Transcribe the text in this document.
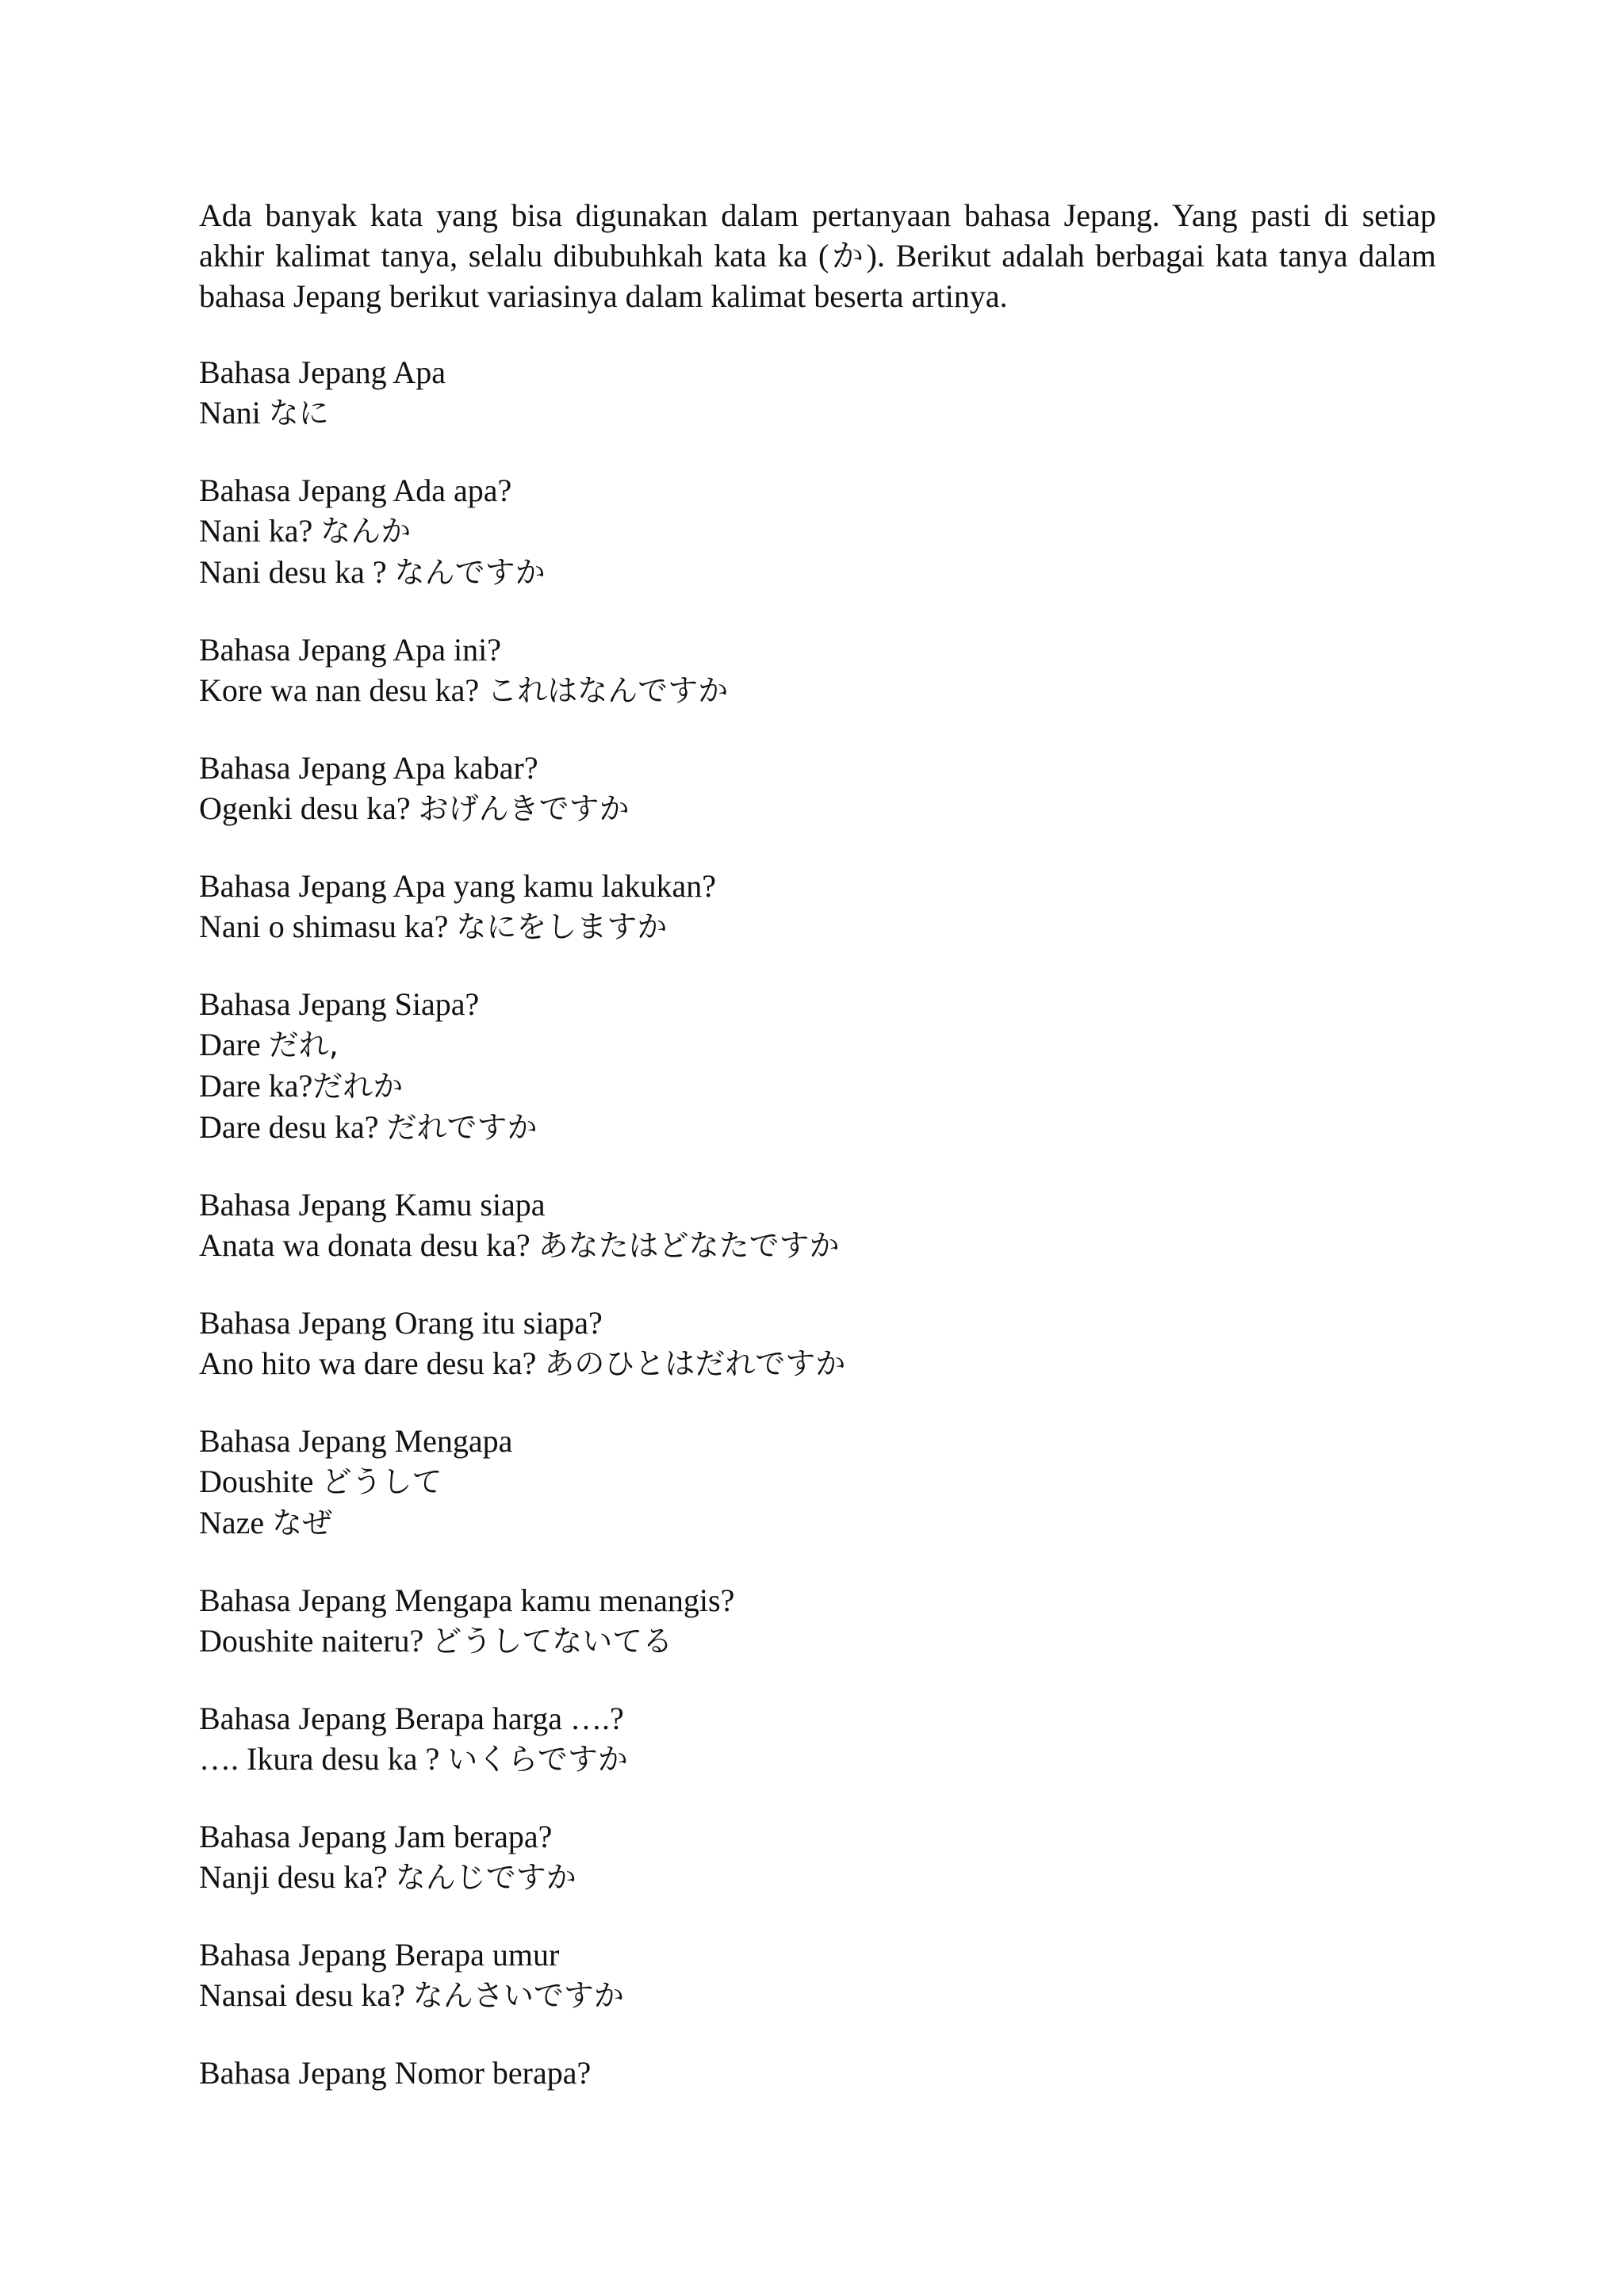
Ada banyak kata yang bisa digunakan dalam pertanyaan bahasa Jepang. Yang pasti di setiap akhir kalimat tanya, selalu dibubuhkah kata ka (か). Berikut adalah berbagai kata tanya dalam bahasa Jepang berikut variasinya dalam kalimat beserta artinya.

Bahasa Jepang Apa
Nani なに
Bahasa Jepang Ada apa?
Nani ka? なんか
Nani desu ka ? なんですか
Bahasa Jepang Apa ini?
Kore wa nan desu ka? これはなんですか
Bahasa Jepang Apa kabar?
Ogenki desu ka? おげんきですか
Bahasa Jepang Apa yang kamu lakukan?
Nani o shimasu ka? なにをしますか
Bahasa Jepang Siapa?
Dare だれ,
Dare ka?だれか
Dare desu ka? だれですか
Bahasa Jepang Kamu siapa
Anata wa donata desu ka? あなたはどなたですか
Bahasa Jepang Orang itu siapa?
Ano hito wa dare desu ka? あのひとはだれですか
Bahasa Jepang Mengapa
Doushite どうして
Naze なぜ
Bahasa Jepang Mengapa kamu menangis?
Doushite naiteru? どうしてないてる
Bahasa Jepang Berapa harga ….?
…. Ikura desu ka ? いくらですか
Bahasa Jepang Jam berapa?
Nanji desu ka? なんじですか
Bahasa Jepang Berapa umur
Nansai desu ka? なんさいですか
Bahasa Jepang Nomor berapa?
